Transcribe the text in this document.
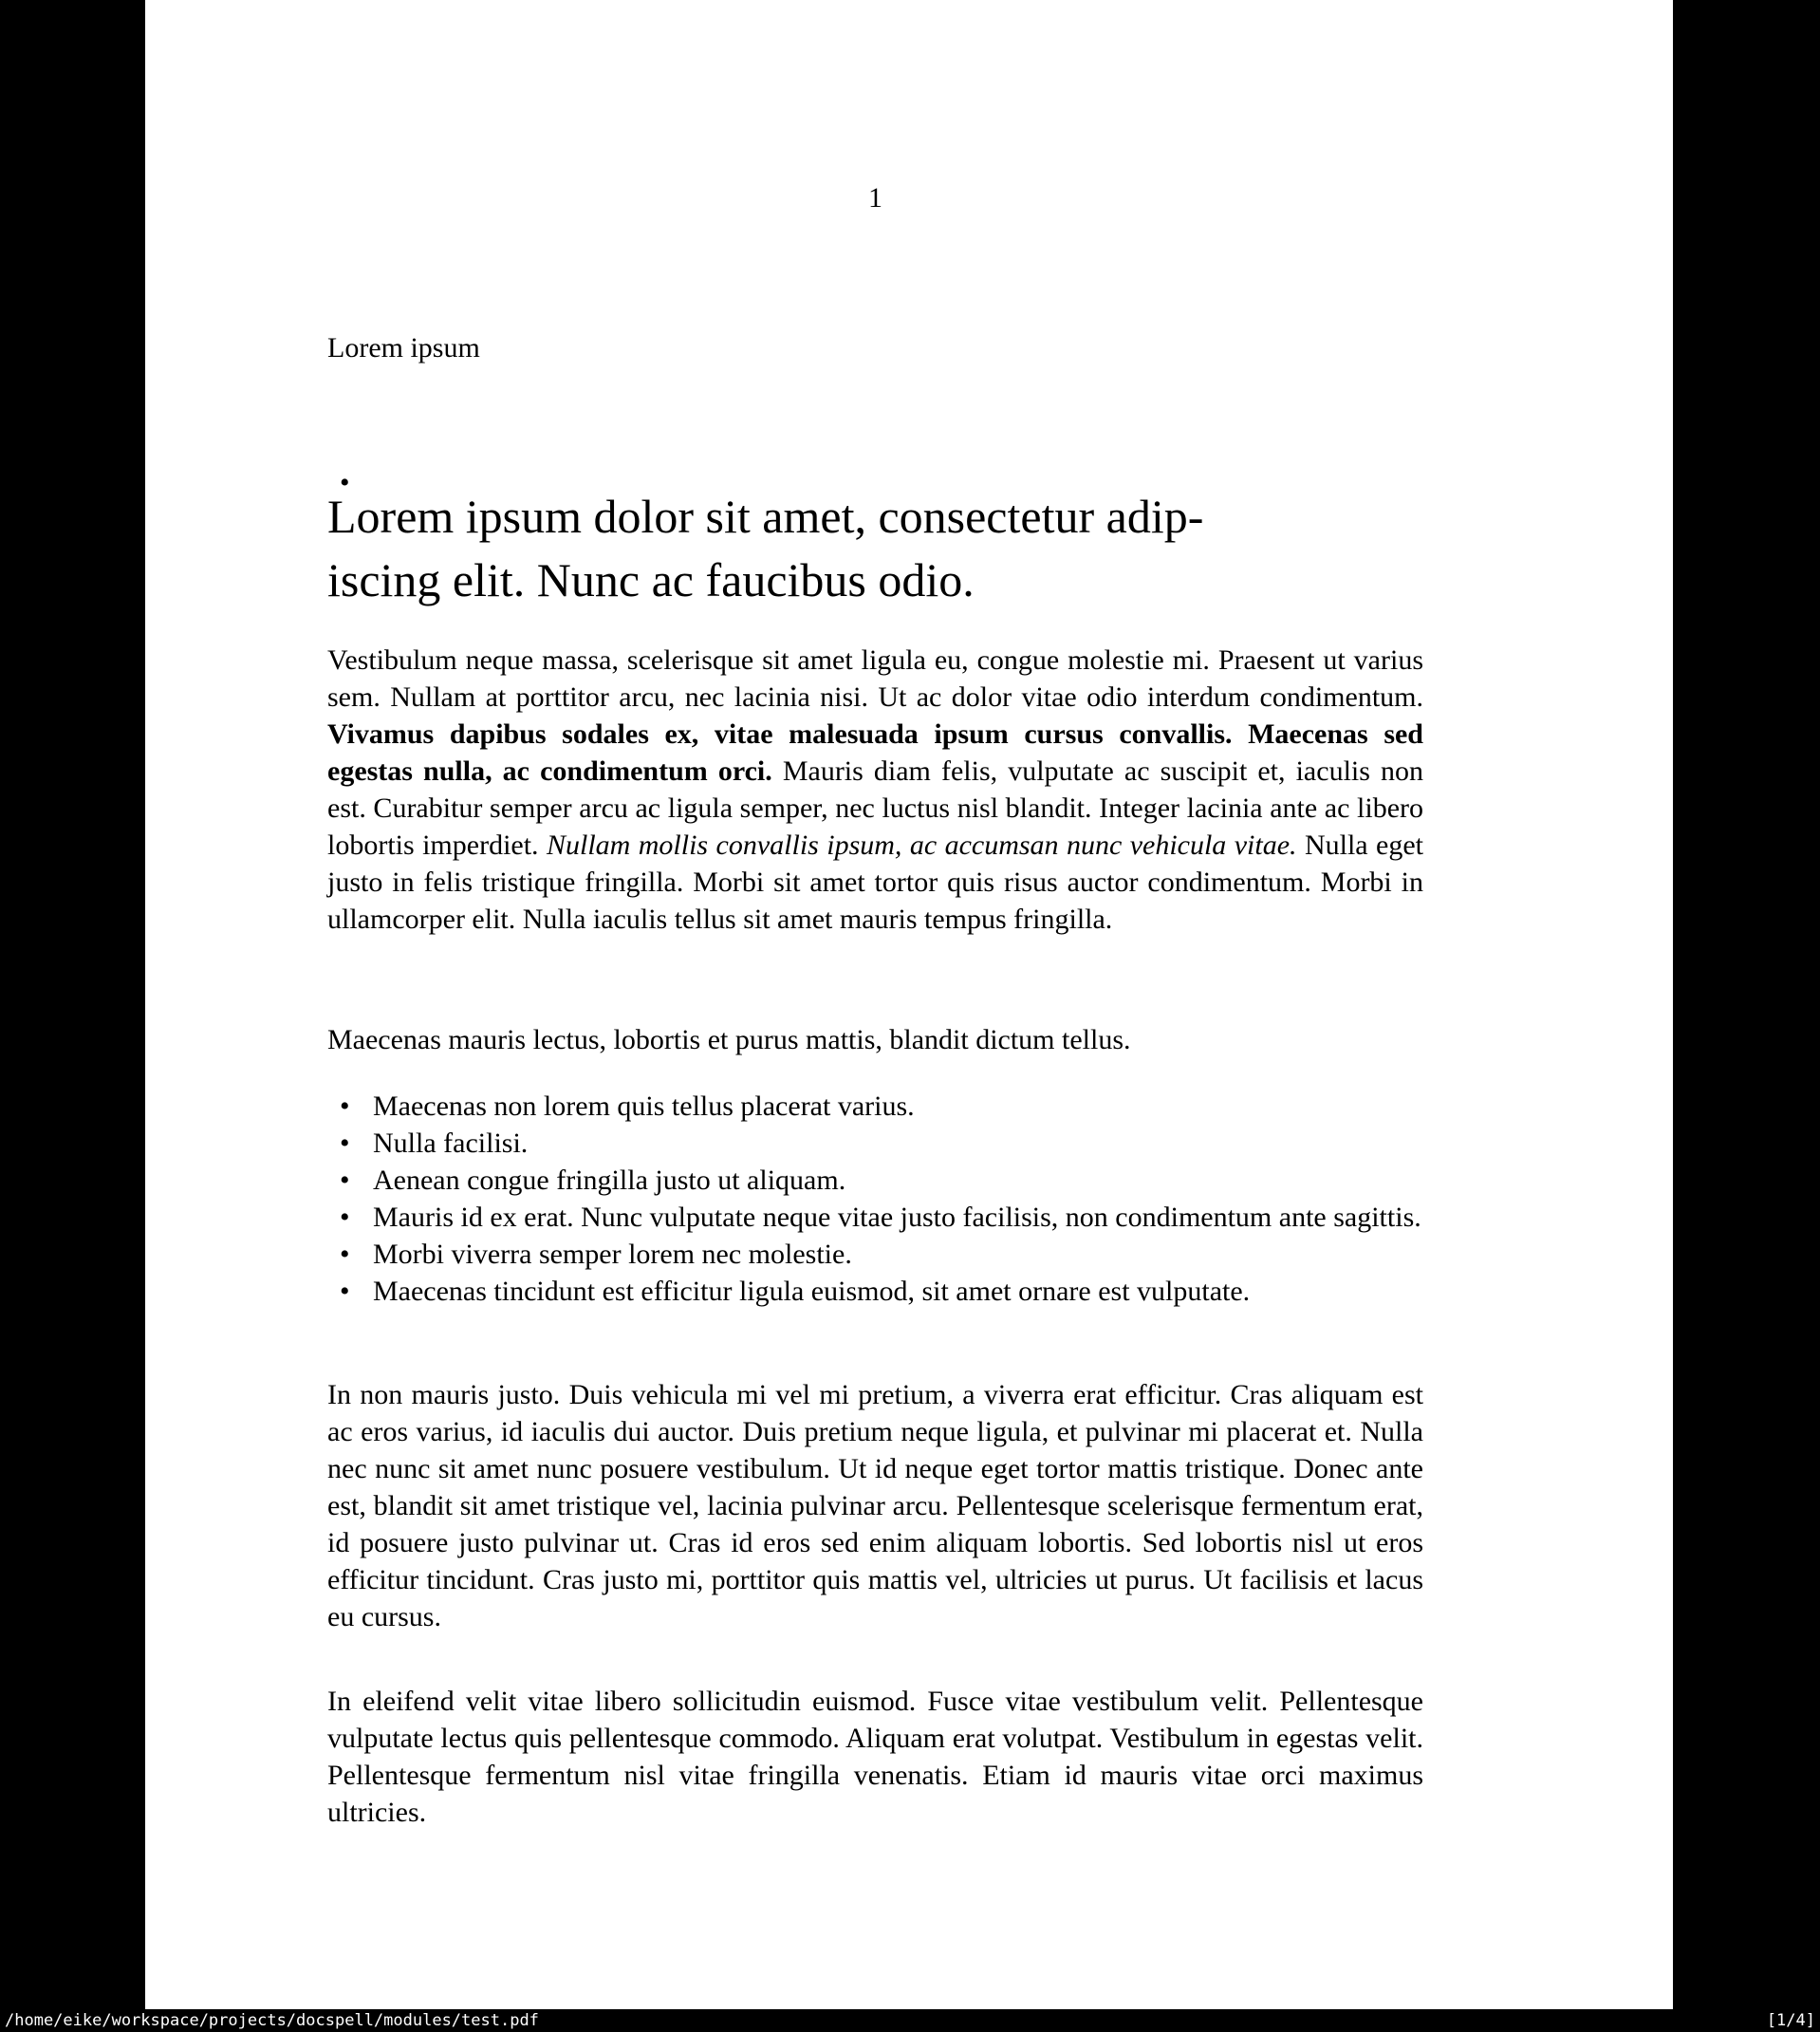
1
Lorem ipsum
•
Lorem ipsum dolor sit amet, consectetur adip-
iscing elit. Nunc ac faucibus odio.
Vestibulum neque massa, scelerisque sit amet ligula eu, congue molestie mi. Praesent ut varius sem. Nullam at porttitor arcu, nec lacinia nisi. Ut ac dolor vitae odio interdum condimentum. Vivamus dapibus sodales ex, vitae malesuada ipsum cursus convallis. Maecenas sed egestas nulla, ac condimentum orci. Mauris diam felis, vulputate ac suscipit et, iaculis non est. Curabitur semper arcu ac ligula semper, nec luctus nisl blandit. Integer lacinia ante ac libero lobortis imperdiet. Nullam mollis convallis ipsum, ac accumsan nunc vehicula vitae. Nulla eget justo in felis tristique fringilla. Morbi sit amet tortor quis risus auctor condimentum. Morbi in ullamcorper elit. Nulla iaculis tellus sit amet mauris tempus fringilla.
Maecenas mauris lectus, lobortis et purus mattis, blandit dictum tellus.
• Maecenas non lorem quis tellus placerat varius.
• Nulla facilisi.
• Aenean congue fringilla justo ut aliquam.
• Mauris id ex erat. Nunc vulputate neque vitae justo facilisis, non condimentum ante sagittis.
• Morbi viverra semper lorem nec molestie.
• Maecenas tincidunt est efficitur ligula euismod, sit amet ornare est vulputate.
In non mauris justo. Duis vehicula mi vel mi pretium, a viverra erat efficitur. Cras aliquam est ac eros varius, id iaculis dui auctor. Duis pretium neque ligula, et pulvinar mi placerat et. Nulla nec nunc sit amet nunc posuere vestibulum. Ut id neque eget tortor mattis tristique. Donec ante est, blandit sit amet tristique vel, lacinia pulvinar arcu. Pellentesque scelerisque fermentum erat, id posuere justo pulvinar ut. Cras id eros sed enim aliquam lobortis. Sed lobortis nisl ut eros efficitur tincidunt. Cras justo mi, porttitor quis mattis vel, ultricies ut purus. Ut facilisis et lacus eu cursus.
In eleifend velit vitae libero sollicitudin euismod. Fusce vitae vestibulum velit. Pellentesque vulputate lectus quis pellentesque commodo. Aliquam erat volutpat. Vestibulum in egestas velit. Pellentesque fermentum nisl vitae fringilla venenatis. Etiam id mauris vitae orci maximus ultricies.
/home/eike/workspace/projects/docspell/modules/test.pdf	[1/4]
